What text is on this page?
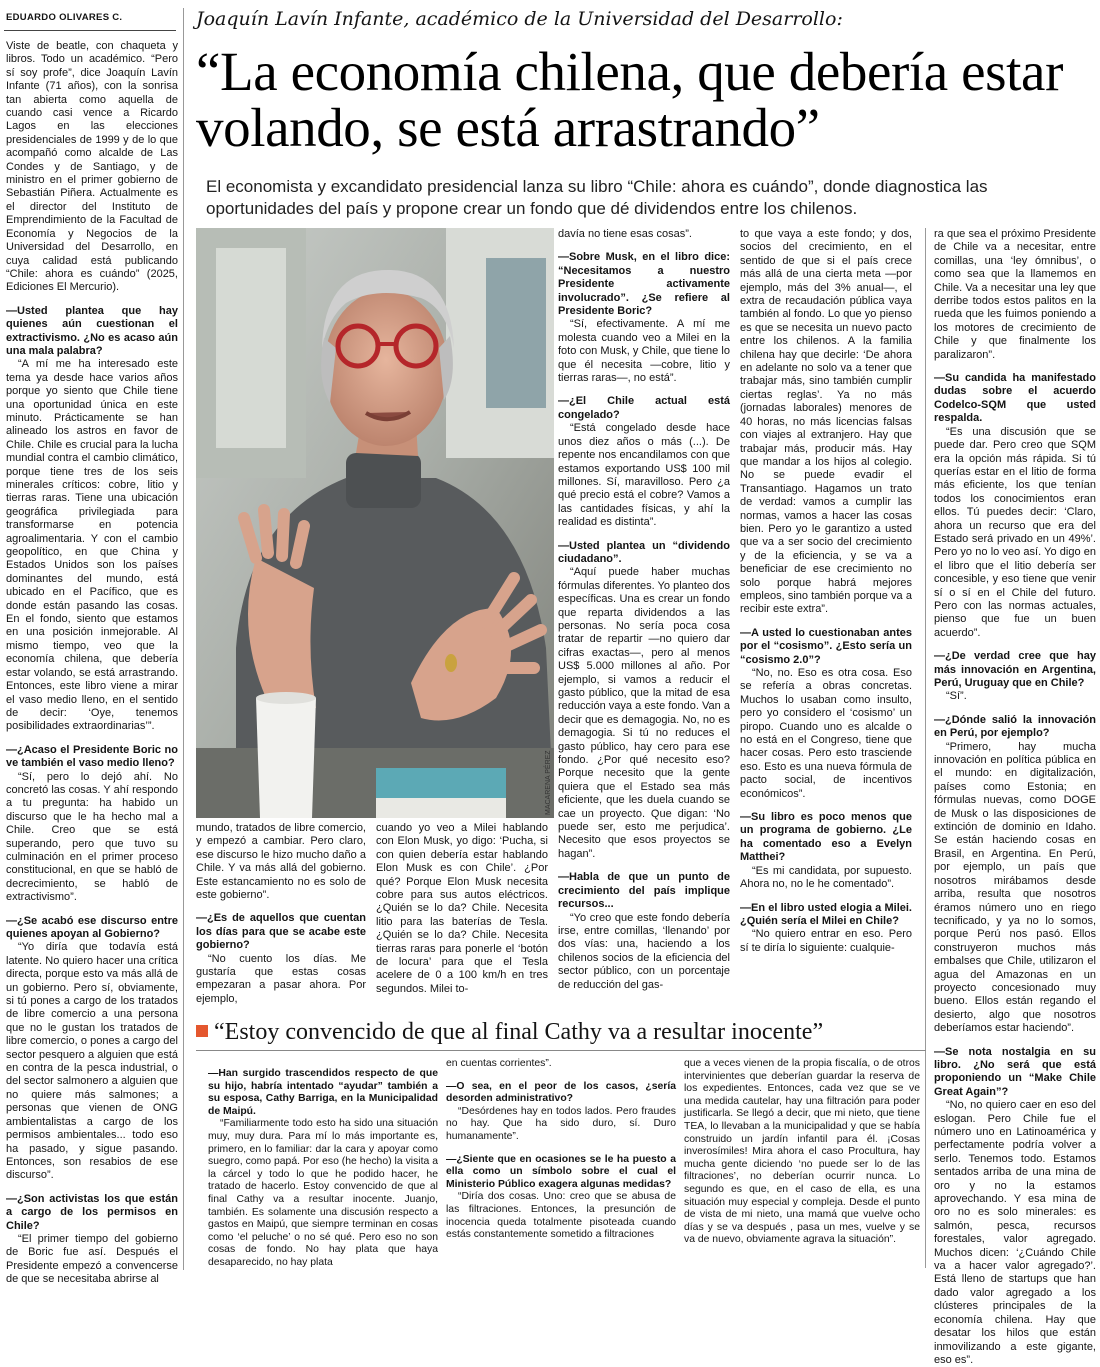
EDUARDO OLIVARES C.	Joaquín Lavín Infante, académico de la Universidad del Desarrollo:
“La economía chilena, que debería estar volando, se está arrastrando”
El economista y excandidato presidencial lanza su libro “Chile: ahora es cuándo”, donde diagnostica las oportunidades del país y propone crear un fondo que dé dividendos entre los chilenos.
MACARENA PÉREZ

Viste de beatle, con chaqueta y libros. Todo un académico. “Pero sí soy profe”, dice Joaquín Lavín Infante (71 años), con la sonrisa tan abierta como aquella de cuando casi vence a Ricardo Lagos en las elecciones presidenciales de 1999 y de lo que acompañó como alcalde de Las Condes y de Santiago, y de ministro en el primer gobierno de Sebastián Piñera. Actualmente es el director del Instituto de Emprendimiento de la Facultad de Economía y Negocios de la Universidad del Desarrollo, en cuya calidad está publicando “Chile: ahora es cuándo” (2025, Ediciones El Mercurio).

—Usted plantea que hay quienes aún cuestionan el extractivismo. ¿No es acaso aún una mala palabra?

“A mí me ha interesado este tema ya desde hace varios años porque yo siento que Chile tiene una oportunidad única en este minuto. Prácticamente se han alineado los astros en favor de Chile. Chile es crucial para la lucha mundial contra el cambio climático, porque tiene tres de los seis minerales críticos: cobre, litio y tierras raras. Tiene una ubicación geográfica privilegiada para transformarse en potencia agroalimentaria. Y con el cambio geopolítico, en que China y Estados Unidos son los países dominantes del mundo, está ubicado en el Pacífico, que es donde están pasando las cosas. En el fondo, siento que estamos en una posición inmejorable. Al mismo tiempo, veo que la economía chilena, que debería estar volando, se está arrastrando. Entonces, este libro viene a mirar el vaso medio lleno, en el sentido de decir: ‘Oye, tenemos posibilidades extraordinarias’”.

—¿Acaso el Presidente Boric no ve también el vaso medio lleno?

“Sí, pero lo dejó ahí. No concretó las cosas. Y ahí respondo a tu pregunta: ha habido un discurso que le ha hecho mal a Chile. Creo que se está superando, pero que tuvo su culminación en el primer proceso constitucional, en que se habló de decrecimiento, se habló de extractivismo”.

—¿Se acabó ese discurso entre quienes apoyan al Gobierno?

“Yo diría que todavía está latente. No quiero hacer una crítica directa, porque esto va más allá de un gobierno. Pero sí, obviamente, si tú pones a cargo de los tratados de libre comercio a una persona que no le gustan los tratados de libre comercio, o pones a cargo del sector pesquero a alguien que está en contra de la pesca industrial, o del sector salmonero a alguien que no quiere más salmones; a personas que vienen de ONG ambientalistas a cargo de los permisos ambientales... todo eso ha pasado, y sigue pasando. Entonces, son resabios de ese discurso”.

—¿Son activistas los que están a cargo de los permisos en Chile?

“El primer tiempo del gobierno de Boric fue así. Después el Presidente empezó a convencerse de que se necesitaba abrirse al

mundo, tratados de libre comercio, y empezó a cambiar. Pero claro, ese discurso le hizo mucho daño a Chile. Y va más allá del gobierno. Este estancamiento no es solo de este gobierno”.

—¿Es de aquellos que cuentan los días para que se acabe este gobierno?

“No cuento los días. Me gustaría que estas cosas empezaran a pasar ahora. Por ejemplo,

cuando yo veo a Milei hablando con Elon Musk, yo digo: ‘Pucha, si con quien debería estar hablando Elon Musk es con Chile’. ¿Por qué? Porque Elon Musk necesita cobre para sus autos eléctricos. ¿Quién se lo da? Chile. Necesita litio para las baterías de Tesla. ¿Quién se lo da? Chile. Necesita tierras raras para ponerle el ‘botón de locura’ para que el Tesla acelere de 0 a 100 km/h en tres segundos. Milei to-

davía no tiene esas cosas”.

—Sobre Musk, en el libro dice: “Necesitamos a nuestro Presidente activamente involucrado”. ¿Se refiere al Presidente Boric?

“Sí, efectivamente. A mí me molesta cuando veo a Milei en la foto con Musk, y Chile, que tiene lo que él necesita —cobre, litio y tierras raras—, no está”.

—¿El Chile actual está congelado?

“Está congelado desde hace unos diez años o más (...). De repente nos encandilamos con que estamos exportando US$ 100 mil millones. Sí, maravilloso. Pero ¿a qué precio está el cobre? Vamos a las cantidades físicas, y ahí la realidad es distinta”.

—Usted plantea un “dividendo ciudadano”.

“Aquí puede haber muchas fórmulas diferentes. Yo planteo dos específicas. Una es crear un fondo que repartа dividendos a las personas. No sería poca cosa tratar de repartir —no quiero dar cifras exactas—, pero al menos US$ 5.000 millones al año. Por ejemplo, si vamos a reducir el gasto público, que la mitad de esa reducción vaya a este fondo. Van a decir que es demagogia. No, no es demagogia. Si tú no reduces el gasto público, hay cero para ese fondo. ¿Por qué necesito eso? Porque necesito que la gente quiera que el Estado sea más eficiente, que les duela cuando se cae un proyecto. Que digan: ‘No puede ser, esto me perjudica’. Necesito que esos proyectos se hagan”.

—Habla de que un punto de crecimiento del país implique recursos...

“Yo creo que este fondo debería irse, entre comillas, ‘llenando’ por dos vías: una, haciendo a los chilenos socios de la eficiencia del sector público, con un porcentaje de reducción del gas-

to que vaya a este fondo; y dos, socios del crecimiento, en el sentido de que si el país crece más allá de una cierta meta —por ejemplo, más del 3% anual—, el extra de recaudación pública vaya también al fondo. Lo que yo pienso es que se necesita un nuevo pacto entre los chilenos. A la familia chilena hay que decirle: ‘De ahora en adelante no solo va a tener que trabajar más, sino también cumplir ciertas reglas’. Ya no más (jornadas laborales) menores de 40 horas, no más licencias falsas con viajes al extranjero. Hay que trabajar más, producir más. Hay que mandar a los hijos al colegio. No se puede evadir el Transantiago. Hagamos un trato de verdad: vamos a cumplir las normas, vamos a hacer las cosas bien. Pero yo le garantizo a usted que va a ser socio del crecimiento y de la eficiencia, y se va a beneficiar de ese crecimiento no solo porque habrá mejores empleos, sino también porque va a recibir este extra”.

—A usted lo cuestionaban antes por el “cosismo”. ¿Esto sería un “cosismo 2.0”?

“No, no. Eso es otra cosa. Eso se refería a obras concretas. Muchos lo usaban como insulto, pero yo considero el ‘cosismo’ un piropo. Cuando uno es alcalde o no está en el Congreso, tiene que hacer cosas. Pero esto trasciende eso. Esto es una nueva fórmula de pacto social, de incentivos económicos”.

—Su libro es poco menos que un programa de gobierno. ¿Le ha comentado eso a Evelyn Matthei?

“Es mi candidata, por supuesto. Ahora no, no le he comentado”.

—En el libro usted elogia a Milei. ¿Quién sería el Milei en Chile?

“No quiero entrar en eso. Pero sí te diría lo siguiente: cualquie-

ra que sea el próximo Presidente de Chile va a necesitar, entre comillas, una ‘ley ómnibus’, o como sea que la llamemos en Chile. Va a necesitar una ley que derribe todos estos palitos en la rueda que les fuimos poniendo a los motores de crecimiento de Chile y que finalmente los paralizaron”.

—Su candida ha manifestado dudas sobre el acuerdo Codelco-SQM que usted respalda.

“Es una discusión que se puede dar. Pero creo que SQM era la opción más rápida. Si tú querías estar en el litio de forma más eficiente, los que tenían todos los conocimientos eran ellos. Tú puedes decir: ‘Claro, ahora un recurso que era del Estado será privado en un 49%’. Pero yo no lo veo así. Yo digo en el libro que el litio debería ser concesible, y eso tiene que venir sí o sí en el Chile del futuro. Pero con las normas actuales, pienso que fue un buen acuerdo”.

—¿De verdad cree que hay más innovación en Argentina, Perú, Uruguay que en Chile?

“Sí”.

—¿Dónde salió la innovación en Perú, por ejemplo?

“Primero, hay mucha innovación en política pública en el mundo: en digitalización, países como Estonia; en fórmulas nuevas, como DOGE de Musk o las disposiciones de extinción de dominio en Idaho. Se están haciendo cosas en Brasil, en Argentina. En Perú, por ejemplo, un país que nosotros mirábamos desde arriba, resulta que nosotros éramos número uno en riego tecnificado, y ya no lo somos, porque Perú nos pasó. Ellos construyeron muchos más embalses que Chile, utilizaron el agua del Amazonas en un proyecto concesionado muy bueno. Ellos están regando el desierto, algo que nosotros deberíamos estar haciendo”.

—Se nota nostalgia en su libro. ¿No será que está proponiendo un “Make Chile Great Again”?

“No, no quiero caer en eso del eslogan. Pero Chile fue el número uno en Latinoamérica y perfectamente podría volver a serlo. Tenemos todo. Estamos sentados arriba de una mina de oro y no la estamos aprovechando. Y esa mina de oro no es solo minerales: es salmón, pesca, recursos forestales, valor agregado. Muchos dicen: ‘¿Cuándo Chile va a hacer valor agregado?’. Está lleno de startups que han dado valor agregado a los clústeres principales de la economía chilena. Hay que desatar los hilos que están inmovilizando a este gigante, eso es”.

“Estoy convencido de que al final Cathy va a resultar inocente”

—Han surgido trascendidos respecto de que su hijo, habría intentado “ayudar” también a su esposa, Cathy Barriga, en la Municipalidad de Maipú.

“Familiarmente todo esto ha sido una situación muy, muy dura. Para mí lo más importante es, primero, en lo familiar: dar la cara y apoyar como suegro, como papá. Por eso (he hecho) la visita a la cárcel y todo lo que he podido hacer, he tratado de hacerlo. Estoy convencido de que al final Cathy va a resultar inocente. Juanjo, también. Es solamente una discusión respecto a gastos en Maipú, que siempre terminan en cosas como ‘el peluche’ o no sé qué. Pero eso no son cosas de fondo. No hay plata que haya desaparecido, no hay plata

en cuentas corrientes”.

—O sea, en el peor de los casos, ¿sería desorden administrativo?

“Desórdenes hay en todos lados. Pero fraudes no hay. Que ha sido duro, sí. Duro humanamente”.

—¿Siente que en ocasiones se le ha puesto a ella como un símbolo sobre el cual el Ministerio Público exagera algunas medidas?

“Diría dos cosas. Uno: creo que se abusa de las filtraciones. Entonces, la presunción de inocencia queda totalmente pisoteada cuando estás constantemente sometido a filtraciones

que a veces vienen de la propia fiscalía, o de otros intervinientes que deberían guardar la reserva de los expedientes. Entonces, cada vez que se ve una medida cautelar, hay una filtración para poder justificarla. Se llegó a decir, que mi nieto, que tiene TEA, lo llevaban a la municipalidad y que se había construido un jardín infantil para él. ¡Cosas inverosímiles! Mira ahora el caso Procultura, hay mucha gente diciendo ‘no puede ser lo de las filtraciones’, no deberían ocurrir nunca. Lo segundo es que, en el caso de ella, es una situación muy especial y compleja. Desde el punto de vista de mi nieto, una mamá que vuelve ocho días y se va después , pasa un mes, vuelve y se va de nuevo, obviamente agrava la situación”.
